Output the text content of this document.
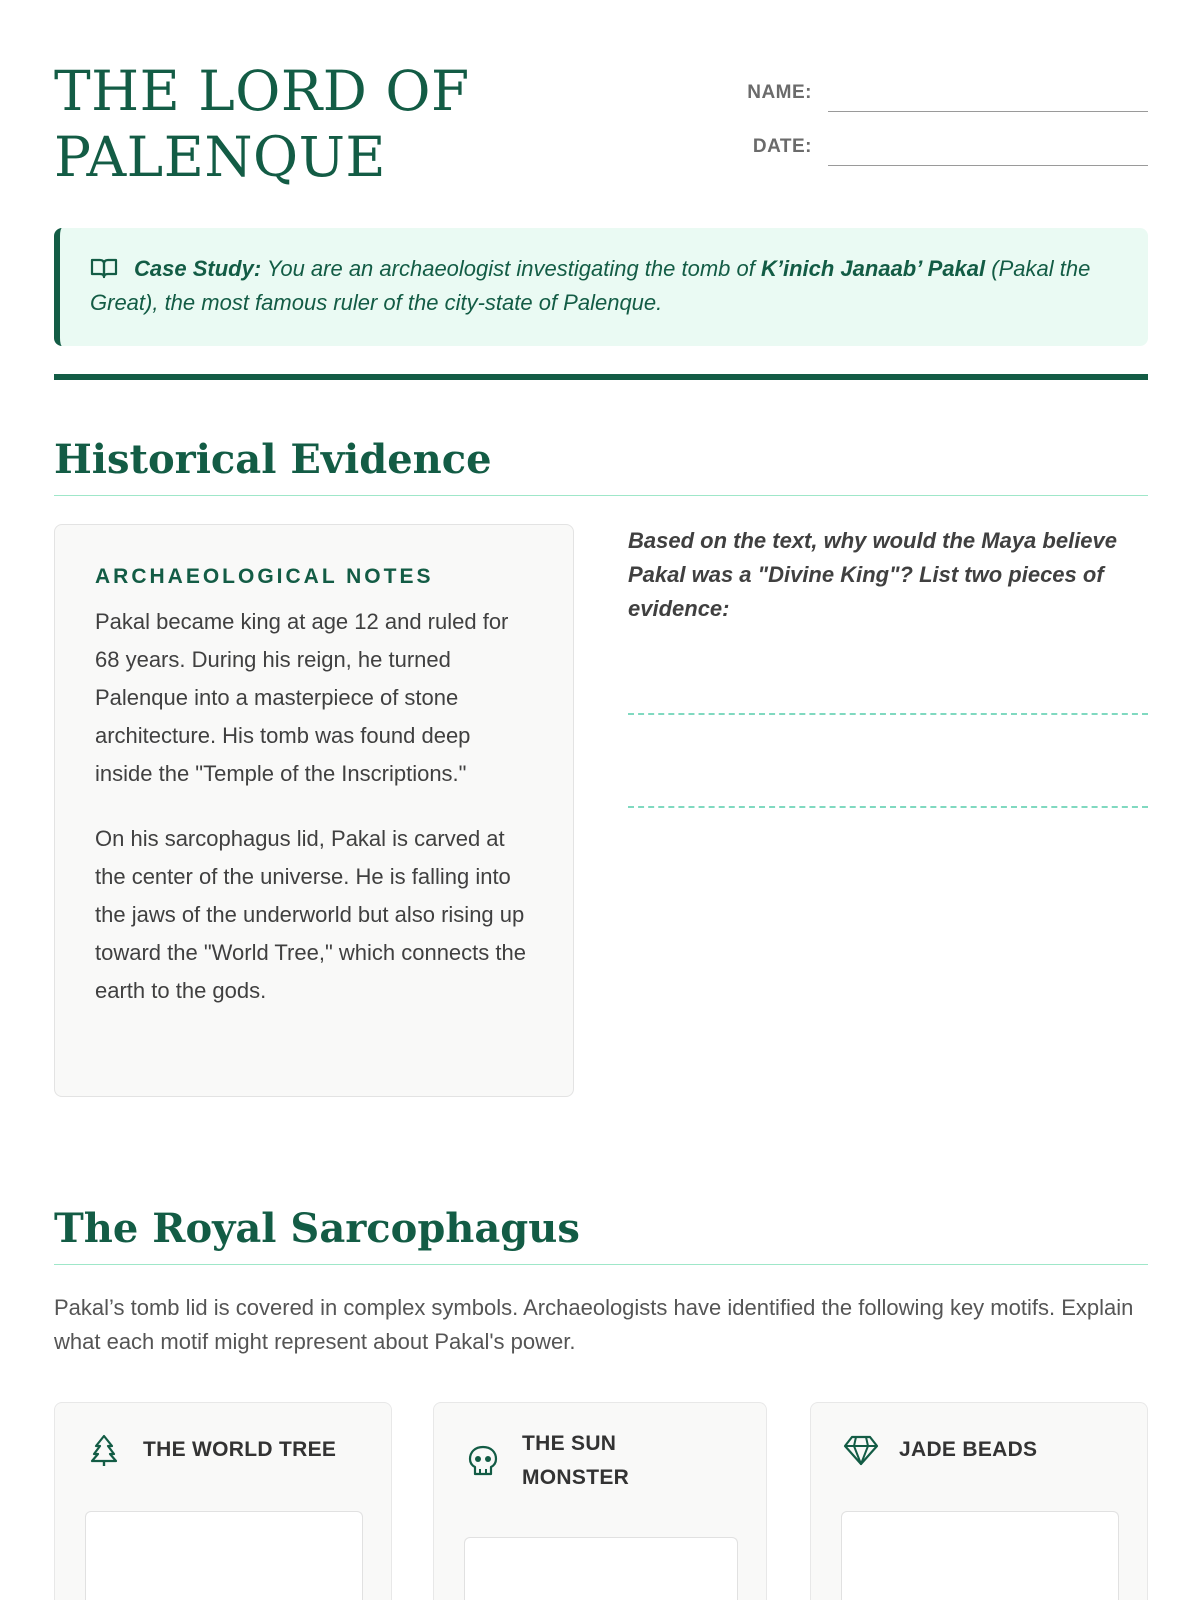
THE LORD OF
PALENQUE
NAME:
DATE:
Case Study: You are an archaeologist investigating the tomb of K’inich Janaab’ Pakal (Pakal the Great), the most famous ruler of the city-state of Palenque.
Historical Evidence
ARCHAEOLOGICAL NOTES

Pakal became king at age 12 and ruled for 68 years. During his reign, he turned Palenque into a masterpiece of stone architecture. His tomb was found deep inside the "Temple of the Inscriptions."

On his sarcophagus lid, Pakal is carved at the center of the universe. He is falling into the jaws of the underworld but also rising up toward the "World Tree," which connects the earth to the gods.

Based on the text, why would the Maya believe Pakal was a "Divine King"? List two pieces of evidence:
The Royal Sarcophagus

Pakal’s tomb lid is covered in complex symbols. Archaeologists have identified the following key motifs. Explain what each motif might represent about Pakal's power.

THE WORLD TREE	THE SUN MONSTER
JADE BEADS
